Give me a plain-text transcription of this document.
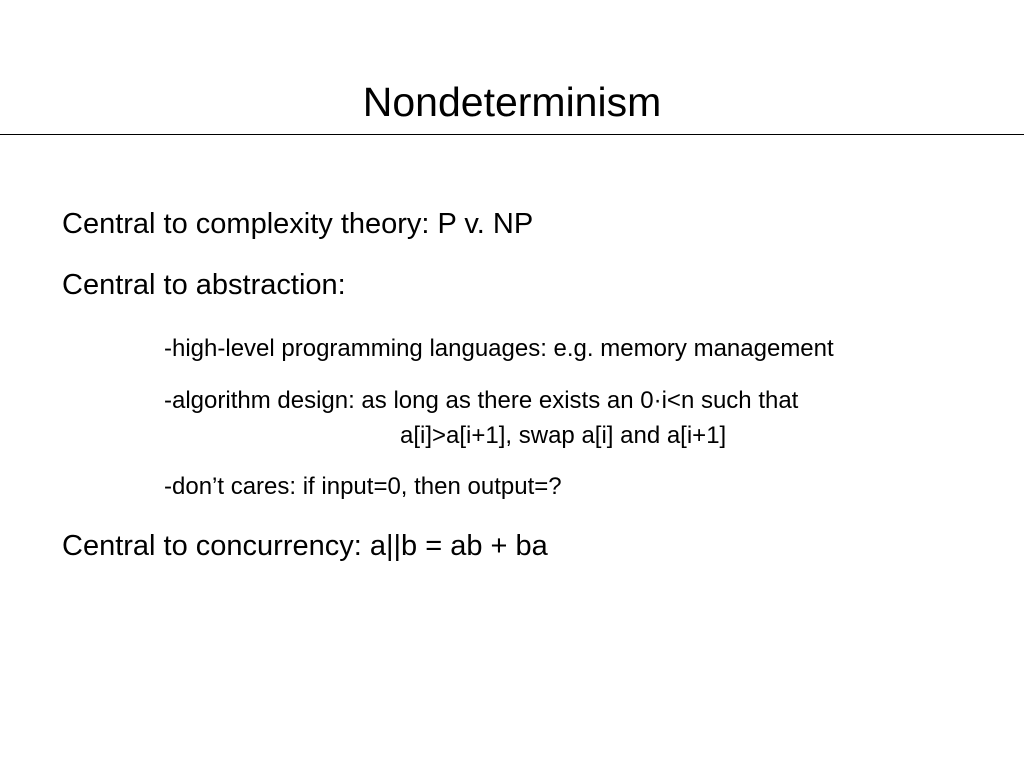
Nondeterminism
Central to complexity theory: P v. NP
Central to abstraction:
-high-level programming languages: e.g. memory management
-algorithm design: as long as there exists an 0·i<n such that
a[i]>a[i+1], swap a[i] and a[i+1]
-don’t cares: if input=0, then output=?
Central to concurrency: a||b = ab + ba
